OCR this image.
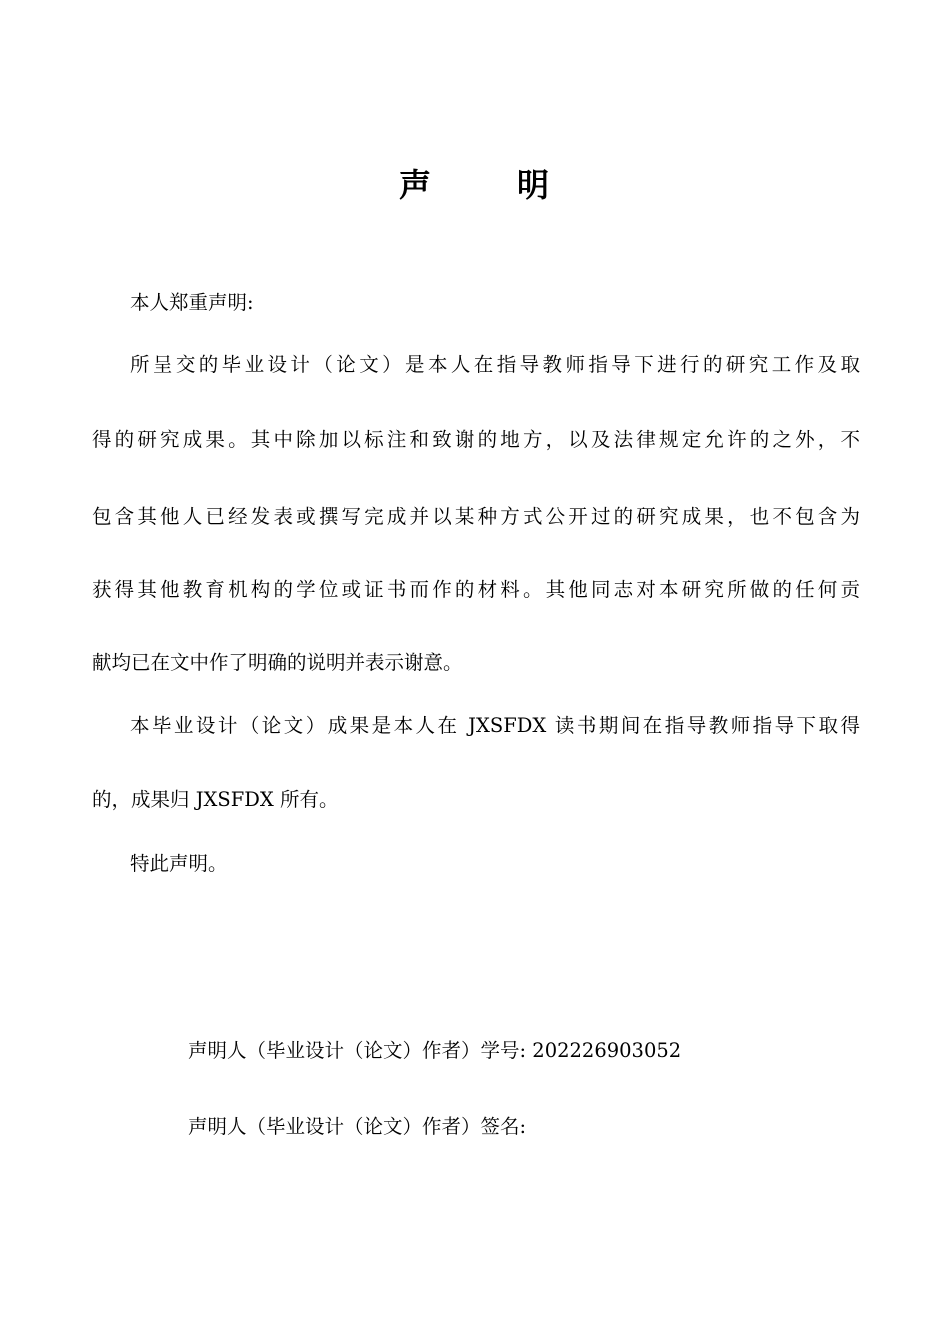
声	明
本人郑重声明:
所呈交的毕业设计（论文）是本人在指导教师指导下进行的研究工作及取
得的研究成果。其中除加以标注和致谢的地方，以及法律规定允许的之外，不
包含其他人已经发表或撰写完成并以某种方式公开过的研究成果，也不包含为
获得其他教育机构的学位或证书而作的材料。其他同志对本研究所做的任何贡
献均已在文中作了明确的说明并表示谢意。
本毕业设计（论文）成果是本人在 JXSFDX 读书期间在指导教师指导下取得
的，成果归 JXSFDX 所有。
特此声明。
声明人（毕业设计（论文）作者）学号: 202226903052
声明人（毕业设计（论文）作者）签名:
